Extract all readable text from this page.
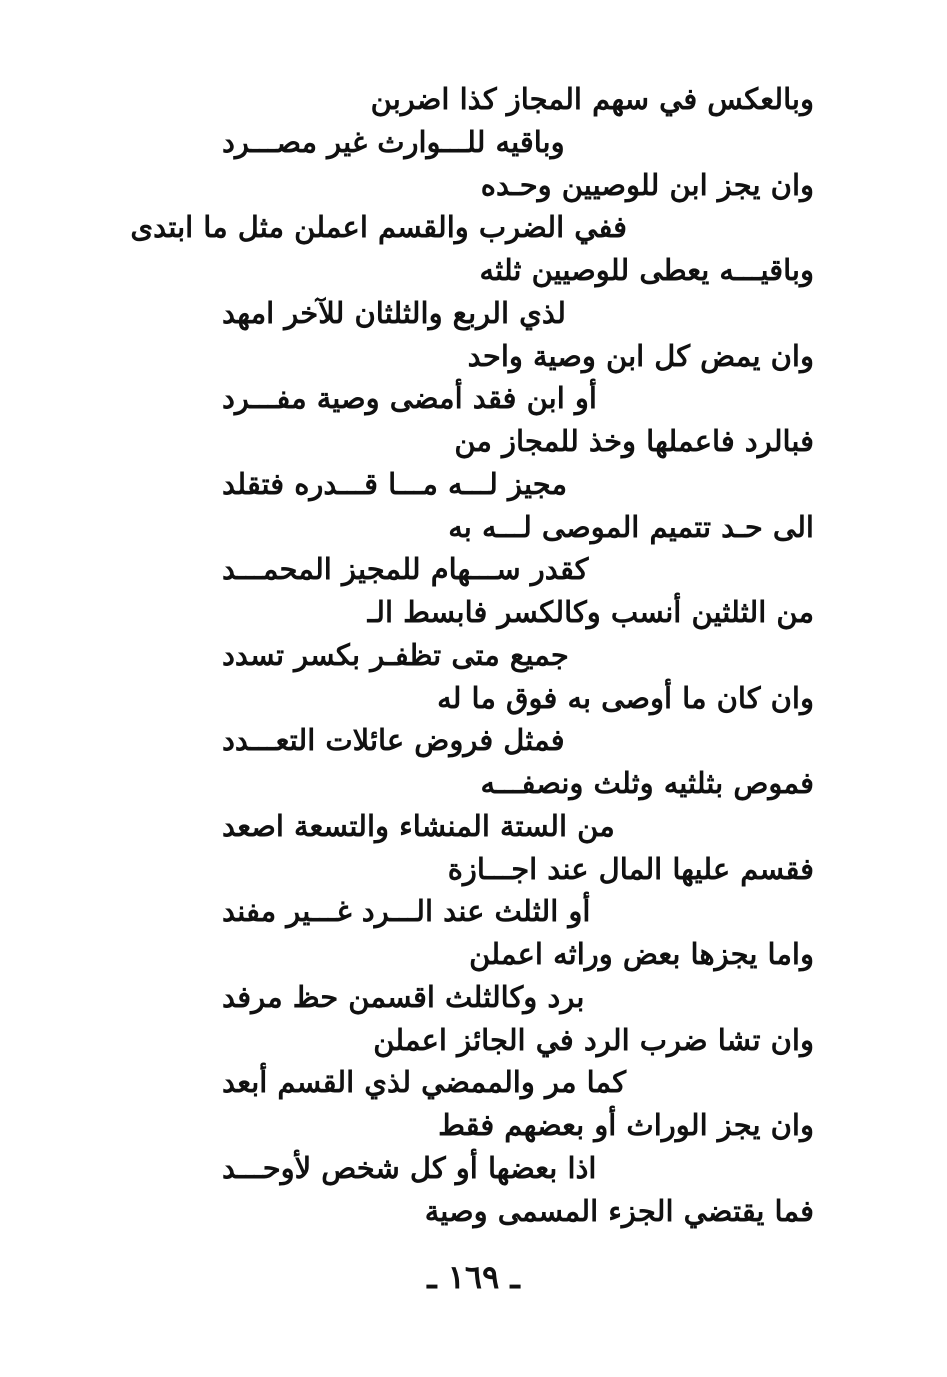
وبالعكس في سهم المجاز كذا اضربن
وباقيه للـــوارث غير مصـــرد
وان يجز ابن للوصيين وحـده
ففي الضرب والقسم اعملن مثل ما ابتدى
وباقيـــه يعطى للوصيين ثلثه
لذي الربع والثلثان للآخر امهد
وان يمض كل ابن وصية واحد
أو ابن فقد أمضى وصية مفـــرد
فبالرد فاعملها وخذ للمجاز من
مجيز لـــه مـــا قـــدره فتقلد
الى حـد تتميم الموصى لـــه به
كقدر ســـهام للمجيز المحمـــد
من الثلثين أنسب وكالكسر فابسط الـ
جميع متى تظفـر بكسر تسدد
وان كان ما أوصى به فوق ما له
فمثل فروض عائلات التعـــدد
فموص بثلثيه وثلث ونصفـــه
من الستة المنشاء والتسعة اصعد
فقسم عليها المال عند اجـــازة
أو الثلث عند الـــرد غـــير مفند
واما يجزها بعض وراثه اعملن
برد وكالثلث اقسمن حظ مرفد
وان تشا ضرب الرد في الجائز اعملن
كما مر والممضي لذي القسم أبعد
وان يجز الوراث أو بعضهم فقط
اذا بعضها أو كل شخص لأوحـــد
فما يقتضي الجزء المسمى وصية
ـ ١٦٩ ـ
